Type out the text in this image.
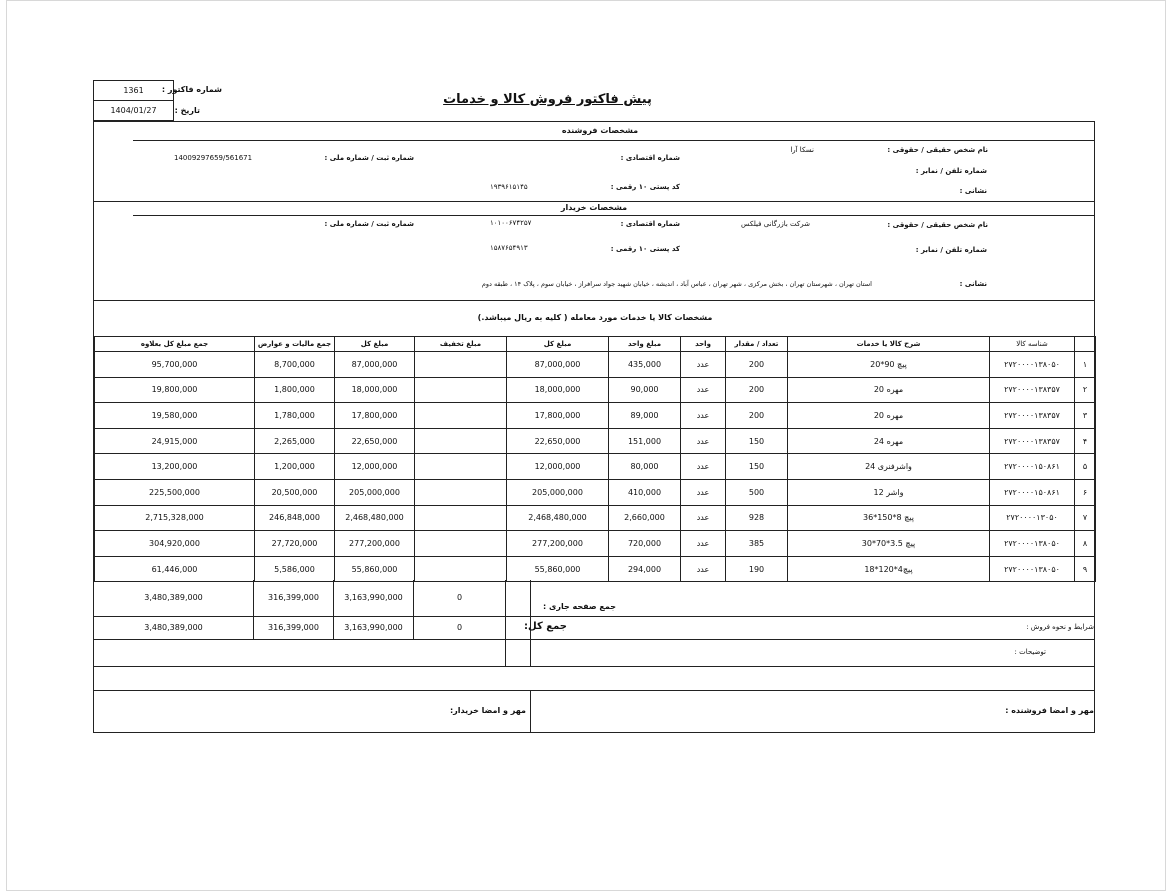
1361
1404/01/27
شماره فاکتور :
تاریخ :
پیش فاکتور فروش کالا و خدمات
مشخصات فروشنده
نام شخص حقیقی / حقوقی :
نسکا آرا
شماره اقتصادی :
شماره ثبت / شماره ملی :
14009297659/561671
شماره تلفن / نمابر :
کد پستی ۱۰ رقمی :
۱۹۳۹۶۱۵۱۴۵	نشانی :
مشخصات خریدار
نام شخص حقیقی / حقوقی :
شرکت بازرگانی فیلکس
شماره اقتصادی :
۱۰۱۰۰۶۷۴۲۵۷
شماره ثبت / شماره ملی :
شماره تلفن / نمابر :
کد پستی ۱۰ رقمی :
۱۵۸۷۶۵۴۹۱۳
نشانی :
استان تهران ، شهرستان تهران ، بخش مرکزی ، شهر تهران ، عباس آباد ، اندیشه ، خیابان شهید جواد سرافراز ، خیابان سوم ، پلاک ۱۴ ، طبقه دوم
مشخصات کالا یا خدمات مورد معامله ( کلیه به ریال میباشد.)
جمع مبلغ کل بعلاوه	جمع مالیات و عوارض	مبلغ کل	مبلغ تخفیف	مبلغ کل	مبلغ واحد	واحد	تعداد / مقدار	شرح کالا یا خدمات	شناسه کالا	
95,700,000	8,700,000	87,000,000		87,000,000	435,000	عدد	200	پیچ 90*20	۲۷۲۰۰۰۰۱۳۸۰۵۰	۱
19,800,000	1,800,000	18,000,000		18,000,000	90,000	عدد	200	مهره 20	۲۷۲۰۰۰۰۱۳۸۳۵۷	۲
19,580,000	1,780,000	17,800,000		17,800,000	89,000	عدد	200	مهره 20	۲۷۲۰۰۰۰۱۳۸۳۵۷	۳
24,915,000	2,265,000	22,650,000		22,650,000	151,000	عدد	150	مهره 24	۲۷۲۰۰۰۰۱۳۸۳۵۷	۴
13,200,000	1,200,000	12,000,000		12,000,000	80,000	عدد	150	واشرفنری 24	۲۷۲۰۰۰۰۱۵۰۸۶۱	۵
225,500,000	20,500,000	205,000,000		205,000,000	410,000	عدد	500	واشر 12	۲۷۲۰۰۰۰۱۵۰۸۶۱	۶
2,715,328,000	246,848,000	2,468,480,000		2,468,480,000	2,660,000	عدد	928	پیچ 8*150*36	۲۷۲۰۰۰۰۱۳۰۵۰	۷
304,920,000	27,720,000	277,200,000		277,200,000	720,000	عدد	385	پیچ 3.5*70*30	۲۷۲۰۰۰۰۱۳۸۰۵۰	۸
61,446,000	5,586,000	55,860,000		55,860,000	294,000	عدد	190	پیچ4*120*18	۲۷۲۰۰۰۰۱۳۸۰۵۰	۹
3,480,389,000	316,399,000	3,163,990,000	0
جمع صفحه جاری :
3,480,389,000	316,399,000	3,163,990,000	0	جمع کل:	شرایط و نحوه فروش :
توضیحات :
مهر و امضا فروشنده :
مهر و امضا خریدار:
